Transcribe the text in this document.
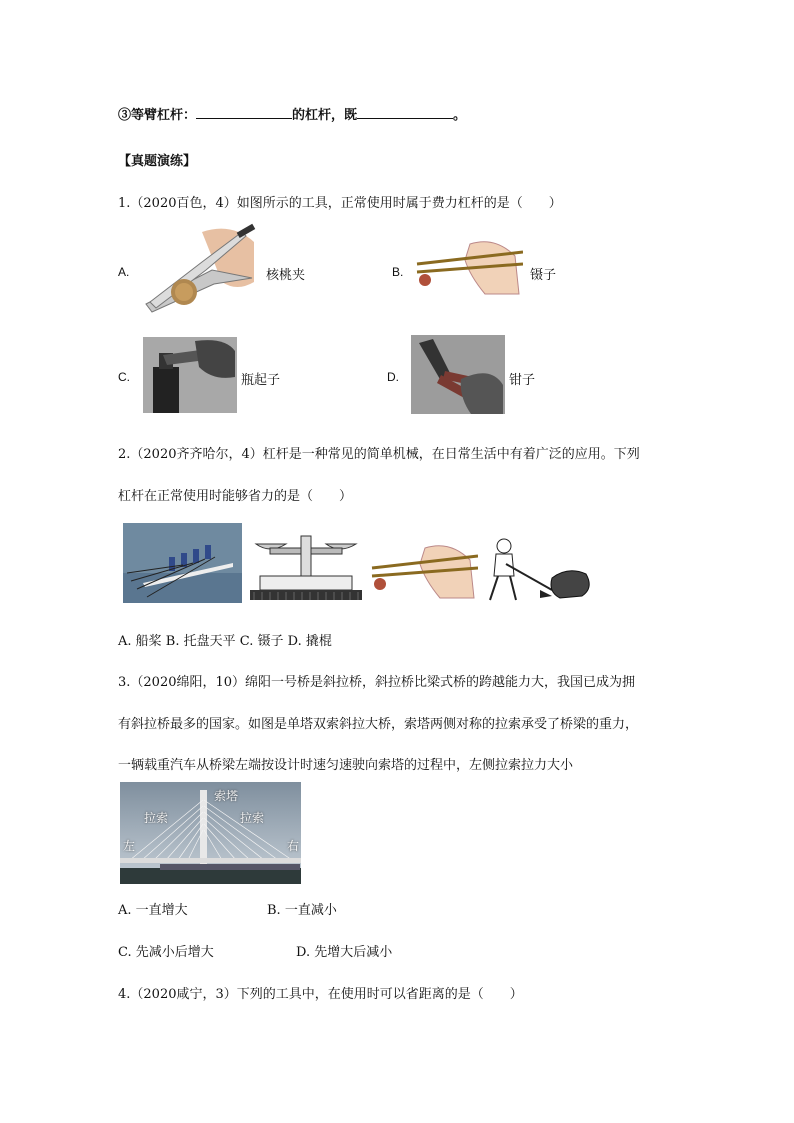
③等臂杠杆：	的杠杆，既	。
【真题演练】
1.（2020百色，4）如图所示的工具，正常使用时属于费力杠杆的是（　　）
A.	核桃夹	B.	镊子
C.	瓶起子	D.	钳子
2.（2020齐齐哈尔，4）杠杆是一种常见的简单机械，在日常生活中有着广泛的应用。下列
杠杆在正常使用时能够省力的是（　　）
A. 船桨 B. 托盘天平 C. 镊子 D. 撬棍
3.（2020绵阳，10）绵阳一号桥是斜拉桥，斜拉桥比梁式桥的跨越能力大，我国已成为拥
有斜拉桥最多的国家。如图是单塔双索斜拉大桥，索塔两侧对称的拉索承受了桥梁的重力，
一辆载重汽车从桥梁左端按设计时速匀速驶向索塔的过程中，左侧拉索拉力大小
索塔
拉索	拉索
左	右
A. 一直增大	B. 一直减小
C. 先减小后增大	D. 先增大后减小
4.（2020咸宁，3）下列的工具中，在使用时可以省距离的是（　　）
